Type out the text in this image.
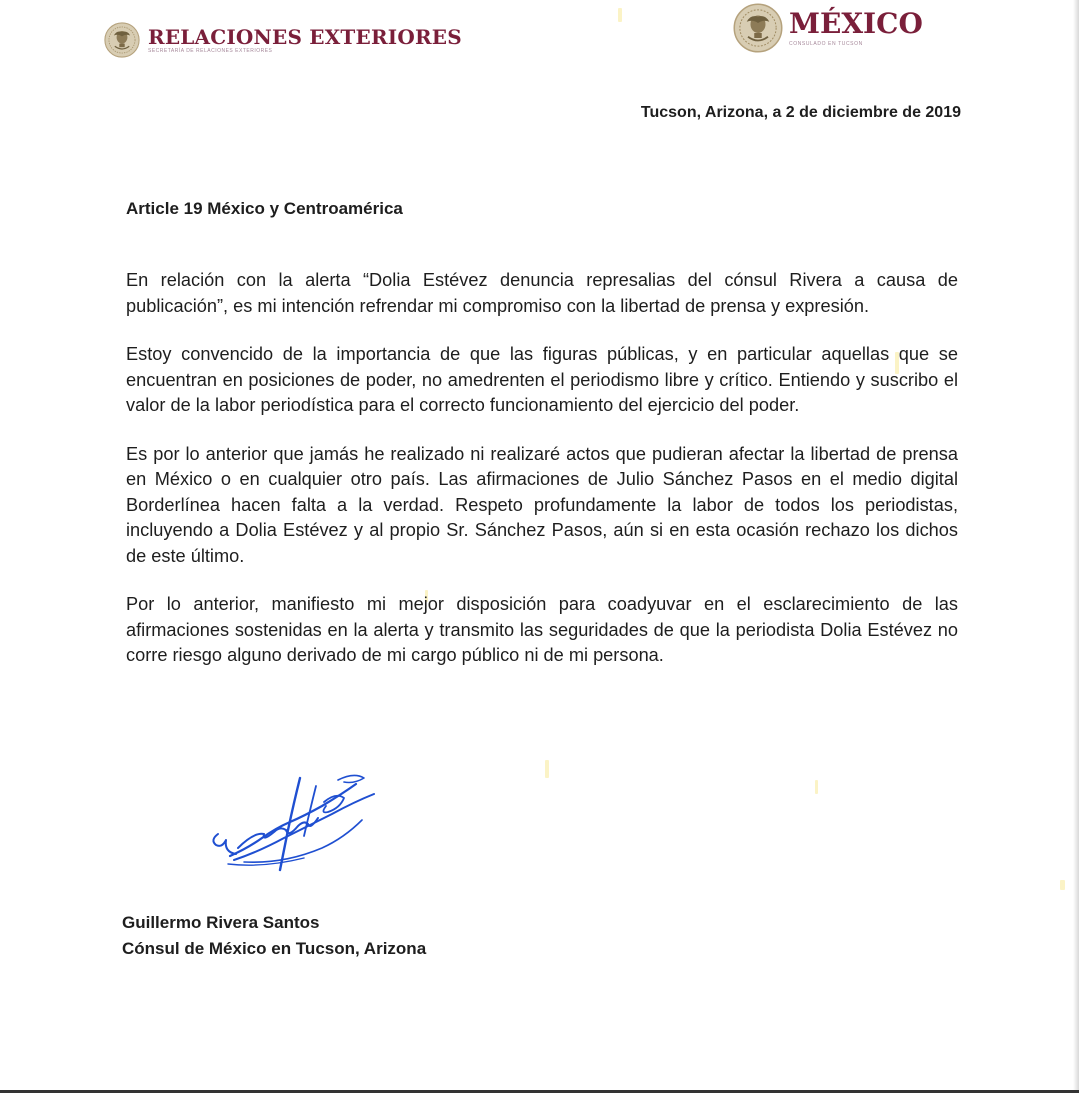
RELACIONES EXTERIORES
SECRETARÍA DE RELACIONES EXTERIORES
MÉXICO
CONSULADO EN TUCSON
Tucson, Arizona, a 2 de diciembre de 2019
Article 19 México y Centroamérica

En relación con la alerta “Dolia Estévez denuncia represalias del cónsul Rivera a causa de publicación”, es mi intención refrendar mi compromiso con la libertad de prensa y expresión.

Estoy convencido de la importancia de que las figuras públicas, y en particular aquellas que se encuentran en posiciones de poder, no amedrenten el periodismo libre y crítico. Entiendo y suscribo el valor de la labor periodística para el correcto funcionamiento del ejercicio del poder.

Es por lo anterior que jamás he realizado ni realizaré actos que pudieran afectar la libertad de prensa en México o en cualquier otro país. Las afirmaciones de Julio Sánchez Pasos en el medio digital Borderlínea hacen falta a la verdad. Respeto profundamente la labor de todos los periodistas, incluyendo a Dolia Estévez y al propio Sr. Sánchez Pasos, aún si en esta ocasión rechazo los dichos de este último.

Por lo anterior, manifiesto mi mejor disposición para coadyuvar en el esclarecimiento de las afirmaciones sostenidas en la alerta y transmito las seguridades de que la periodista Dolia Estévez no corre riesgo alguno derivado de mi cargo público ni de mi persona.

Guillermo Rivera Santos
Cónsul de México en Tucson, Arizona
